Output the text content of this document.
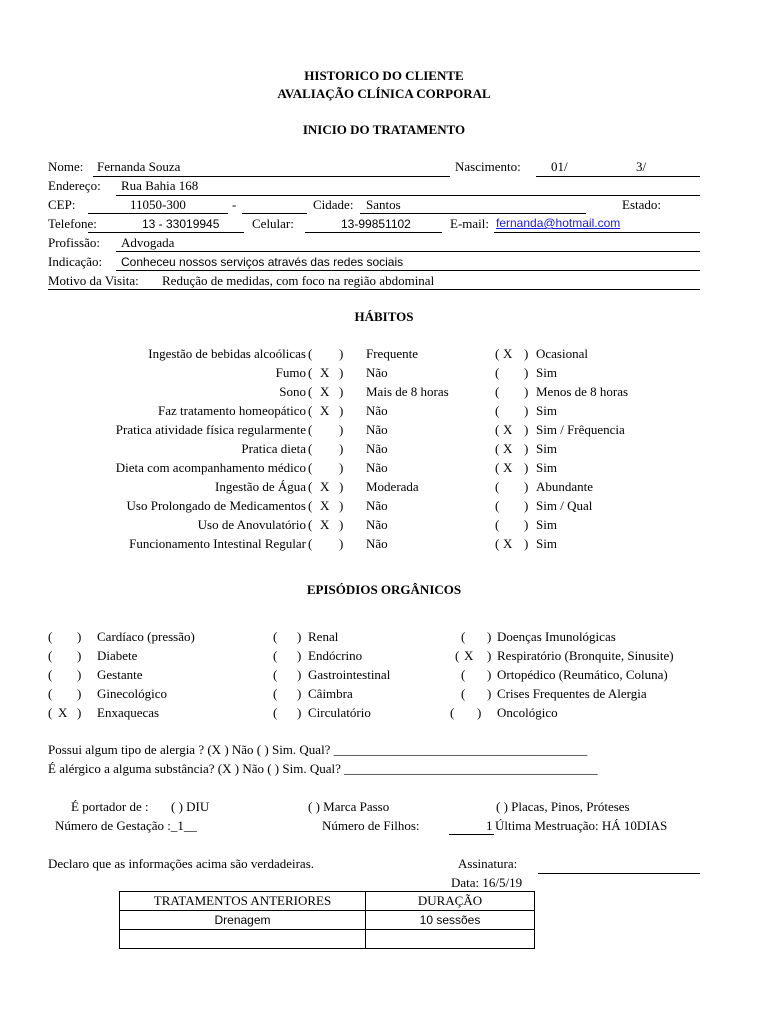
HISTORICO DO CLIENTE
AVALIAÇÃO CLÍNICA CORPORAL
INICIO DO TRATAMENTO
Nome: Fernanda Souza	Nascimento: 01/	3/
Endereço: Rua Bahia 168
CEP:	11050-300	-	Cidade: Santos	Estado:
Telefone:	13 - 33019945	Celular:	13-99851102	E-mail: fernanda@hotmail.com
Profissão: Advogada
Indicação: Conheceu nossos serviços através das redes sociais
Motivo da Visita: Redução de medidas, com foco na região abdominal
HÁBITOS
Ingestão de bebidas alcoólicas ( ) Frequente	( X ) Ocasional
Fumo ( X ) Não	( ) Sim
Sono ( X ) Mais de 8 horas	( ) Menos de 8 horas
Faz tratamento homeopático ( X ) Não	( ) Sim
Pratica atividade física regularmente ( ) Não	( X ) Sim / Frêquencia
Pratica dieta ( ) Não	( X ) Sim
Dieta com acompanhamento médico ( ) Não	( X ) Sim
Ingestão de Água ( X ) Moderada	( ) Abundante
Uso Prolongado de Medicamentos ( X ) Não	( ) Sim / Qual
Uso de Anovulatório ( X ) Não	( ) Sim
Funcionamento Intestinal Regular ( ) Não	( X ) Sim
EPISÓDIOS ORGÂNICOS
( ) Cardíaco (pressão)	( ) Renal	( ) Doenças Imunológicas
( ) Diabete	( ) Endócrino	( X ) Respiratório (Bronquite, Sinusite)
( ) Gestante	( ) Gastrointestinal	( ) Ortopédico (Reumático, Coluna)
( ) Ginecológico	( ) Câimbra	( ) Crises Frequentes de Alergia
( X ) Enxaquecas	( ) Circulatório	( ) Oncológico
Possui algum tipo de alergia ? (X ) Não ( ) Sim. Qual? _______________________________________
É alérgico a alguma substância? (X ) Não ( ) Sim. Qual? _______________________________________
É portador de : ( ) DIU	( ) Marca Passo	( ) Placas, Pinos, Próteses
Número de Gestação :_1__	Número de Filhos:	1 Última Mestruação: HÁ 10DIAS
Declaro que as informações acima são verdadeiras.	Assinatura:
Data: 16/5/19
TRATAMENTOS ANTERIORES	DURAÇÃO
Drenagem	10 sessões
